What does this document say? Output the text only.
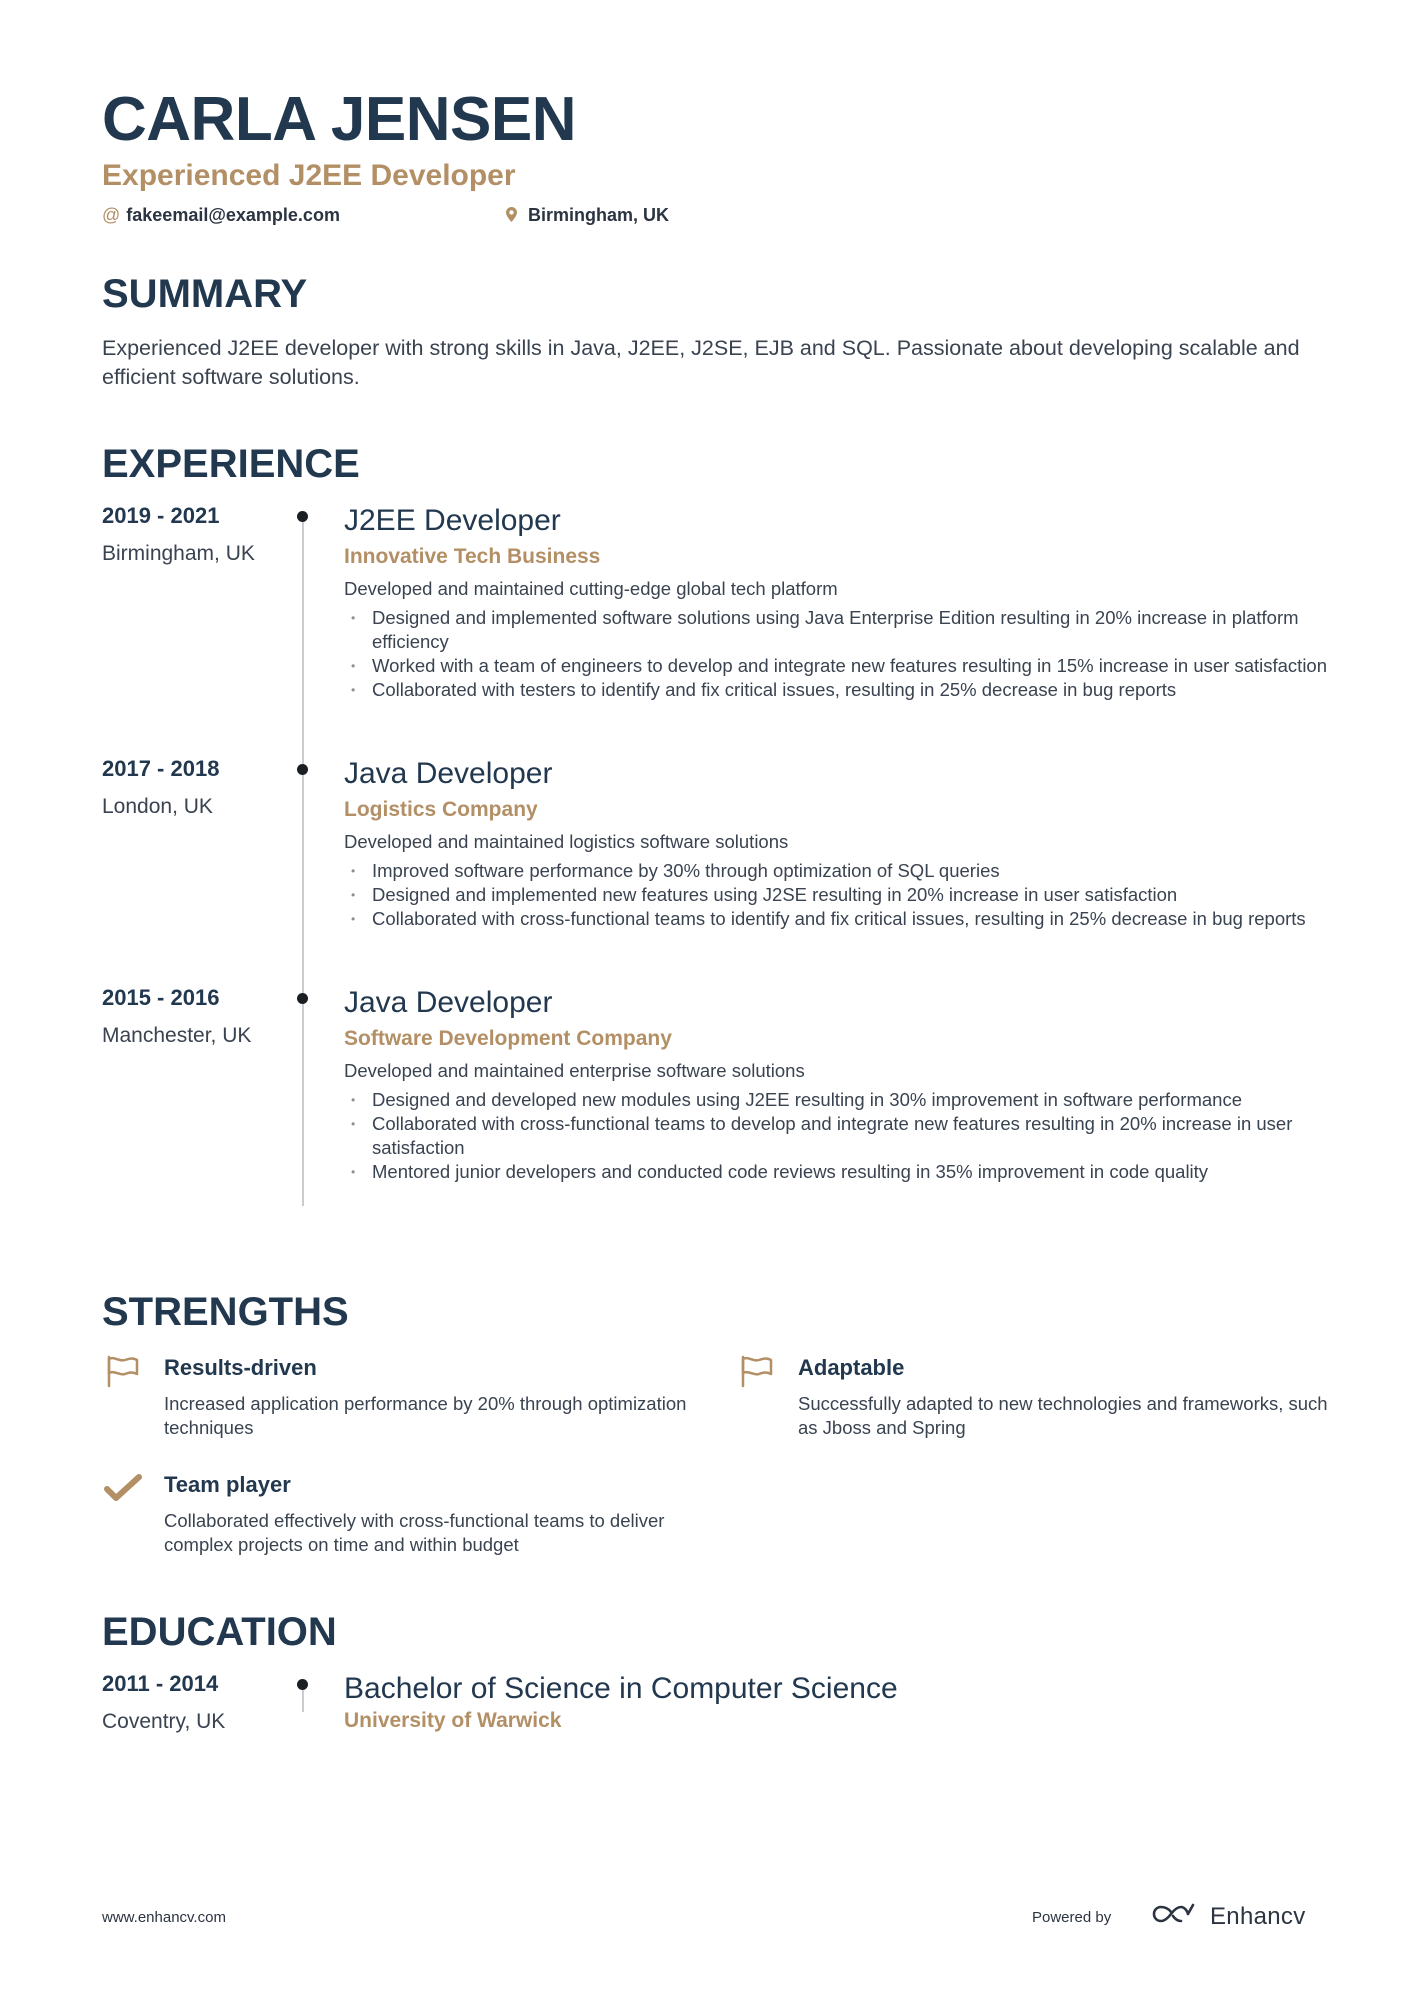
CARLA JENSEN
Experienced J2EE Developer
@ fakeemail@example.com	Birmingham, UK
SUMMARY
Experienced J2EE developer with strong skills in Java, J2EE, J2SE, EJB and SQL. Passionate about developing scalable and efficient software solutions.
EXPERIENCE
2019 - 2021
Birmingham, UK
J2EE Developer
Innovative Tech Business
Developed and maintained cutting-edge global tech platform
• Designed and implemented software solutions using Java Enterprise Edition resulting in 20% increase in platform efficiency
• Worked with a team of engineers to develop and integrate new features resulting in 15% increase in user satisfaction
• Collaborated with testers to identify and fix critical issues, resulting in 25% decrease in bug reports
2017 - 2018
London, UK
Java Developer
Logistics Company
Developed and maintained logistics software solutions
• Improved software performance by 30% through optimization of SQL queries
• Designed and implemented new features using J2SE resulting in 20% increase in user satisfaction
• Collaborated with cross-functional teams to identify and fix critical issues, resulting in 25% decrease in bug reports
2015 - 2016
Manchester, UK
Java Developer
Software Development Company
Developed and maintained enterprise software solutions
• Designed and developed new modules using J2EE resulting in 30% improvement in software performance
• Collaborated with cross-functional teams to develop and integrate new features resulting in 20% increase in user satisfaction
• Mentored junior developers and conducted code reviews resulting in 35% improvement in code quality
STRENGTHS
Results-driven
Increased application performance by 20% through optimization techniques
Adaptable
Successfully adapted to new technologies and frameworks, such as Jboss and Spring
Team player
Collaborated effectively with cross-functional teams to deliver complex projects on time and within budget
EDUCATION
2011 - 2014
Coventry, UK
Bachelor of Science in Computer Science
University of Warwick
www.enhancv.com	Powered by	Enhancv
